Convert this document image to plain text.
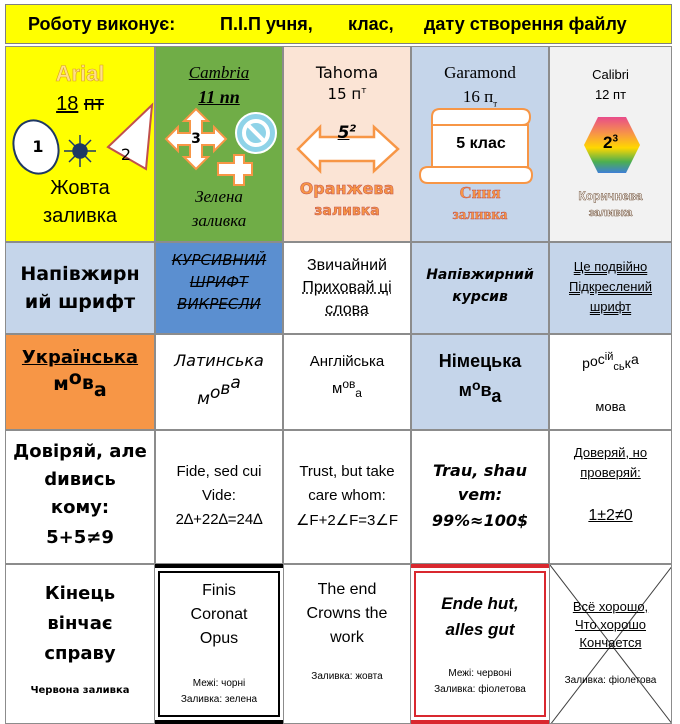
Роботу виконує: П.І.П учня, клас, дату створення файлу
Arial
18 пт
1	2
Жовта
заливка
Cambria
11 пп
3
Зелена
заливка
Tahoma
15 $п^т$
$5^2$
Оранжева
заливка
Garamond
16 $п_т$
5 клас
Синя
заливка
Calibri
12 пт
$2^3$
Коричнева
заливка
Напівжирн
ий шрифт
КУРСИВНИЙ
ШРИФТ
ВИКРЕСЛИ
Звичайний
Приховай ці
слова
Напівжирний
курсив
Це подвійно
Підкреслений
шрифт
Українська
мова
Латинська
мова
Англійська
$м^{ов}_а$
Німецька
$м^ова$
рос$^{ій}_{сь}$ка
мова
Довіряй, але
dивись
кому:
5+5≠9
Fide, sed cui
Vide:
2∆+22∆=24∆
Trust, but take
care whom:
∠F+2∠F=3∠F
Trau, shau
vem:
99%≈100$
Доверяй, но
проверяй:
1±2≠0
Кінець
вінчає
справу
Червона заливка
Finis
Coronat
Opus
Межі: чорні
Заливка: зелена
The end
Crowns the
work
Заливка: жовта
Ende hut,
alles gut
Межі: червоні
Заливка: фіолетова
Всё хорошо,
Что хорошо
Кончается
Заливка: фіолетова
